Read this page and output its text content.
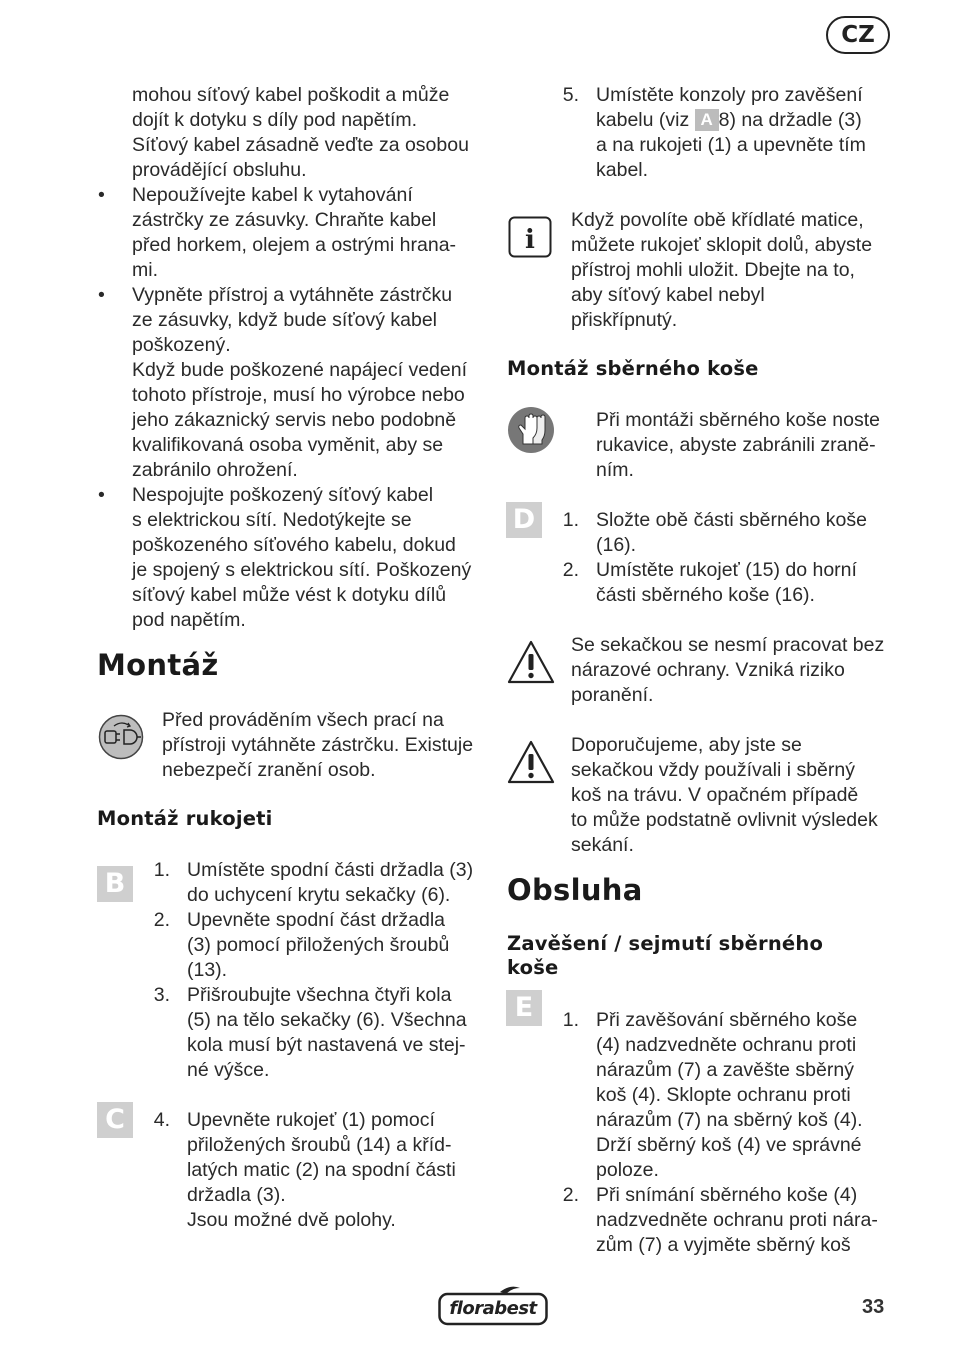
CZ
mohou síťový kabel poškodit a může
dojít k dotyku s díly pod napětím.
Síťový kabel zásadně veďte za osobou
provádějící obsluhu.
• Nepoužívejte kabel k vytahování
zástrčky ze zásuvky. Chraňte kabel
před horkem, olejem a ostrými hrana-
mi.
• Vypněte přístroj a vytáhněte zástrčku
ze zásuvky, když bude síťový kabel
poškozený.
Když bude poškozené napájecí vedení
tohoto přístroje, musí ho výrobce nebo
jeho zákaznický servis nebo podobně
kvalifikovaná osoba vyměnit, aby se
zabránilo ohrožení.
• Nespojujte poškozený síťový kabel
s elektrickou sítí. Nedotýkejte se
poškozeného síťového kabelu, dokud
je spojený s elektrickou sítí. Poškozený
síťový kabel může vést k dotyku dílů
pod napětím.
Montáž
Před prováděním všech prací na
přístroji vytáhněte zástrčku. Existuje
nebezpečí zranění osob.
Montáž rukojeti
B	1. Umístěte spodní části držadla (3)
do uchycení krytu sekačky (6).
2. Upevněte spodní část držadla
(3) pomocí přiložených šroubů
(13).
3. Přišroubujte všechna čtyři kola
(5) na tělo sekačky (6). Všechna
kola musí být nastavená ve stej-
né výšce.
C	4. Upevněte rukojeť (1) pomocí
přiložených šroubů (14) a kříd-
latých matic (2) na spodní části
držadla (3).
Jsou možné dvě polohy.
5. Umístěte konzoly pro zavěšení
kabelu (viz A 8) na držadle (3)
a na rukojeti (1) a upevněte tím
kabel.
i
Když povolíte obě křídlaté matice,
můžete rukojeť sklopit dolů, abyste
přístroj mohli uložit. Dbejte na to,
aby síťový kabel nebyl
přiskřípnutý.
Montáž sběrného koše
Při montáži sběrného koše noste
rukavice, abyste zabránili zraně-
ním.
D	1. Složte obě části sběrného koše
(16).
2. Umístěte rukojeť (15) do horní
části sběrného koše (16).
Se sekačkou se nesmí pracovat bez
nárazové ochrany. Vzniká riziko
poranění.
Doporučujeme, aby jste se
sekačkou vždy používali i sběrný
koš na trávu. V opačném případě
to může podstatně ovlivnit výsledek
sekání.
Obsluha
Zavěšení / sejmutí sběrného
koše
E	1. Při zavěšování sběrného koše
(4) nadzvedněte ochranu proti
nárazům (7) a zavěšte sběrný
koš (4). Sklopte ochranu proti
nárazům (7) na sběrný koš (4).
Drží sběrný koš (4) ve správné
poloze.
2. Při snímání sběrného koše (4)
nadzvedněte ochranu proti nára-
zům (7) a vyjměte sběrný koš
florabest	33
